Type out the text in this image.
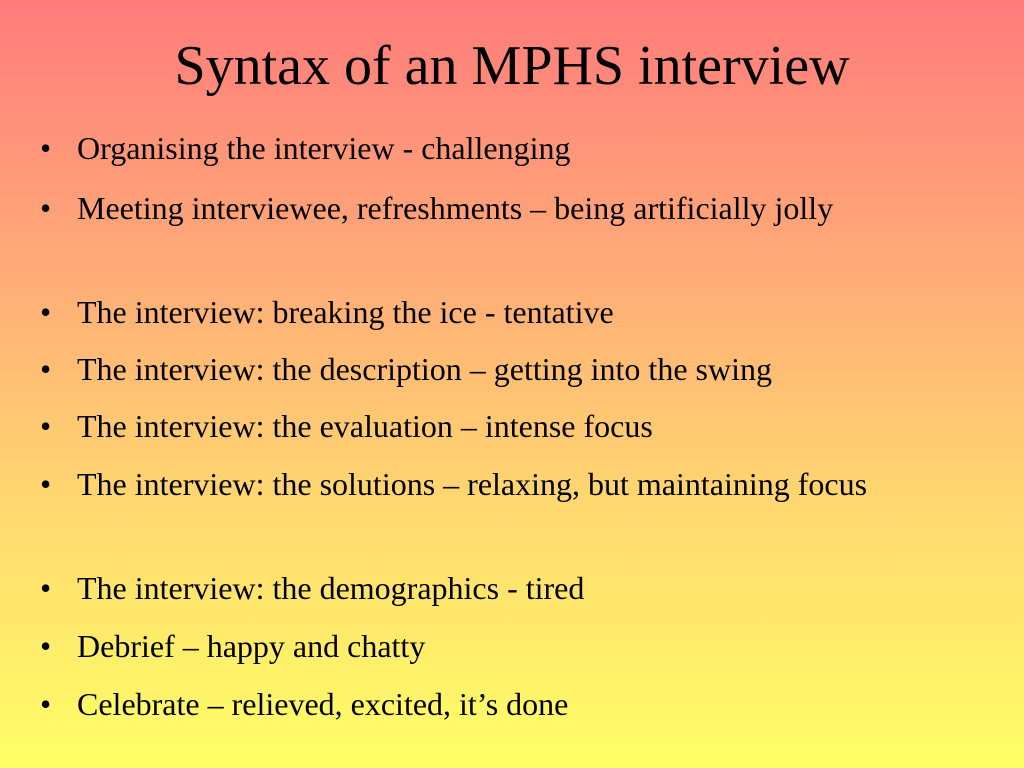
Syntax of an MPHS interview
• Organising the interview - challenging
• Meeting interviewee, refreshments – being artificially jolly
• The interview: breaking the ice - tentative
• The interview: the description – getting into the swing
• The interview: the evaluation – intense focus
• The interview: the solutions – relaxing, but maintaining focus
• The interview: the demographics - tired
• Debrief – happy and chatty
• Celebrate – relieved, excited, it’s done
